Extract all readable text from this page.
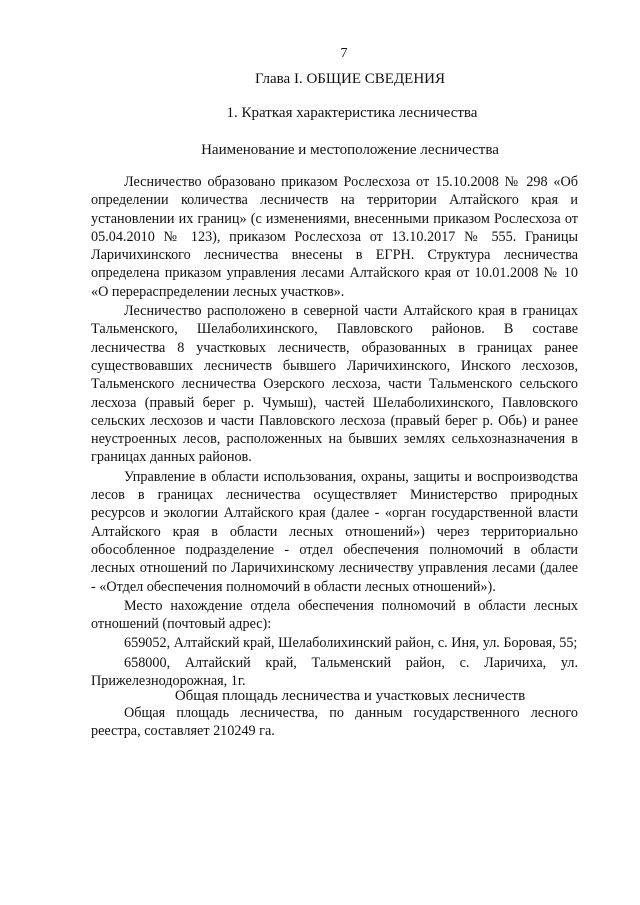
7
Глава I. ОБЩИЕ СВЕДЕНИЯ
1. Краткая характеристика лесничества
Наименование и местоположение лесничества

Лесничество образовано приказом Рослесхоза от 15.10.2008 № 298 «Об определении количества лесничеств на территории Алтайского края и установлении их границ» (с изменениями, внесенными приказом Рослесхоза от 05.04.2010 № 123), приказом Рослесхоза от 13.10.2017 № 555. Границы Ларичихинского лесничества внесены в ЕГРН. Структура лесничества определена приказом управления лесами Алтайского края от 10.01.2008 № 10 «О перераспределении лесных участков».

Лесничество расположено в северной части Алтайского края в границах Тальменского, Шелаболихинского, Павловского районов. В составе лесничества 8 участковых лесничеств, образованных в границах ранее существовавших лесничеств бывшего Ларичихинского, Инского лесхозов, Тальменского лесничества Озерского лесхоза, части Тальменского сельского лесхоза (правый берег р. Чумыш), частей Шелаболихинского, Павловского сельских лесхозов и части Павловского лесхоза (правый берег р. Обь) и ранее неустроенных лесов, расположенных на бывших землях сельхозназначения в границах данных районов.

Управление в области использования, охраны, защиты и воспроизводства лесов в границах лесничества осуществляет Министерство природных ресурсов и экологии Алтайского края (далее - «орган государственной власти Алтайского края в области лесных отношений») через территориально обособленное подразделение - отдел обеспечения полномочий в области лесных отношений по Ларичихинскому лесничеству управления лесами (далее - «Отдел обеспечения полномочий в области лесных отношений»).

Место нахождение отдела обеспечения полномочий в области лесных отношений (почтовый адрес):

659052, Алтайский край, Шелаболихинский район, с. Иня, ул. Боровая, 55;

658000, Алтайский край, Тальменский район, с. Ларичиха, ул. Прижелезнодорожная, 1г.

Общая площадь лесничества и участковых лесничеств

Общая площадь лесничества, по данным государственного лесного реестра, составляет 210249 га.
